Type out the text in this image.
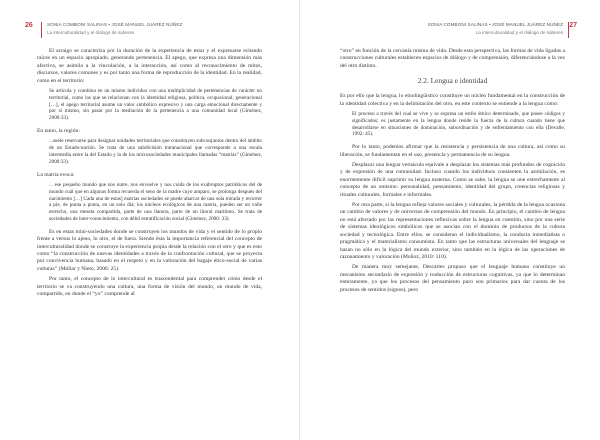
26	SONIA COMBONI SALINAS • JOSÉ MANUEL JUÁREZ NÚÑEZ
La interculturalidad y el diálogo de saberes

El arraigo se caracteriza por la duración de la experiencia de estar y el expresarse echando raíces en un espacio apropiado, generando pertenencia. El apego, que expresa una dimensión más afectiva, se asimila a la vinculación, a la interacción, así como al reconocimiento de mitos, discursos, valores comunes y es por tanto una forma de reproducción de la identidad. En la realidad, como en el territorio:

Se articula y combina en un mismo individuo con una multiplicidad de pertenencias de carácter no territorial, como las que se relacionan con la identidad religiosa, política, ocupacional, generacional […], el apego territorial asume un valor simbólico expresivo y una carga emocional directamente y por sí mismo, sin pasar por la mediación de la pertenencia a una comunidad local (Giménez, 2000:33).

En tanto, la región:

...suele reservarse para designar unidades territoriales que constituyen subconjuntos dentro del ámbito de un Estado-nación. Se trata de una subdivisión intranacional que corresponde a una escala intermedia entre la del Estado y la de los microsociedades municipales llamadas “matrias” (Giménez, 2000:33).

La matria evoca:

... ese pequeño mundo que nos nutre, nos envuelve y nos cuida de los exabruptos patrióticos del de mundo cuál que en algunas forma recuerda el seno de la madre cuyo amparo, se prolonga después del nacimiento […] Cada una de estas] matrias sociedades se puede abarcar de una sola mirada y recorrer a pie, de punta a punta, en un solo día; los núcleos ecológicos de una matria, pueden ser un valle estrecho, una meseta compartida, parte de una llanura, parte de un litoral marítimo. Se trata de sociedades de inter-conocimiento, con débil estratificación social (Giménez, 2000: 33).

Es en estas mini-sociedades donde se construyen los mundos de vida y el sentido de lo propio frente a versus lo ajeno, lo otro, el de fuera. Siendo ésta la importancia referencial del concepto de interculturalidad donde se construye la experiencia propia desde la relación con el otro y que es esto como “la construcción de nuevas identidades a través de la confrontación cultural, que se proyecta por convivencia humana, basado en el respeto y en la valoración del bagaje ético-social de varias culturas” (Múllar y Nieto, 2006: 25).

Por tanto, el concepto de lo intercultural es trascendental para comprender cómo desde el territorio se va construyendo una cultura, una forma de visión del mundo, un mundo de vida, compartido, en donde el “yo” comprende al

SONIA COMBONI SALINAS • JOSÉ MANUEL JUÁREZ NÚÑEZ
La interculturalidad y el diálogo de saberes
27

“otro” en función de la cercanía misma de vida. Desde esta perspectiva, las formas de vida ligadas a construcciones culturales establecen espacios de diálogo y de comprensión, diferenciándose a la vez del otro distinto.

2.2. Lengua e identidad

Es por ello que la lengua, lo etnolingüístico constituye un núcleo fundamental en la construcción de la identidad colectiva y en la delimitación del otro, en este contexto se entiende a la lengua como:

El proceso a través del cual se vive y se expresa un estilo étnico determinado, que posee códigos y significados; es justamente en la lengua donde reside la fuerza de la cultura cuando tiene que desarrollarse en situaciones de dominación, subordinación y de enfrentamiento con ella (Devalle, 1992: 45).

Por lo tanto, podemos afirmar que la resistencia y persistencia de una cultura, así como su liberación, se fundamentan en el uso, presencia y permanencia de su lengua.

Desplazar una lengua vernácula equivale a desplazar los sistemas más profundos de cognición y de expresión de una comunidad. Incluso cuando los individuos consienten la asimilación, es enormemente difícil suprimir su lengua materna. Como se sabe, la lengua se une estrechamente al concepto de un omismo: personalidad, pensamiento, identidad del grupo, creencias religiosas y rituales culturales, formales e informales.

Por otra parte, si la lengua refleja valores sociales y culturales, la pérdida de la lengua ocasiona un cambio de valores y de universos de comprensión del mundo. En principio, el cambio de lengua no está afectado por las representaciones reflexivas sobre la lengua en cuestión, sino por una serie de sistemas ideológicos simbólicos que se asocian con el dominio de productos de la cultura sociedad y tecnológica. Entre ellos, se consideran el individualismo, la conducta inmediatista o pragmática y el materialismo consumista. En tanto que las estructuras universales del lenguaje se basan no sólo en la lógica del mundo exterior, sino también en la lógica de las operaciones de razonamiento y valoración (Muñoz, 2010: 110).

De manera muy semejante, Descartes propuso que el lenguaje humano constituye un mecanismo secundario de expresión y traducción de estructuras cognitivas, ya que lo determinan enteramente, ya que los procesos del pensamiento puro son primarios para dar cuenta de los procesos de sentidos (signos), pero
